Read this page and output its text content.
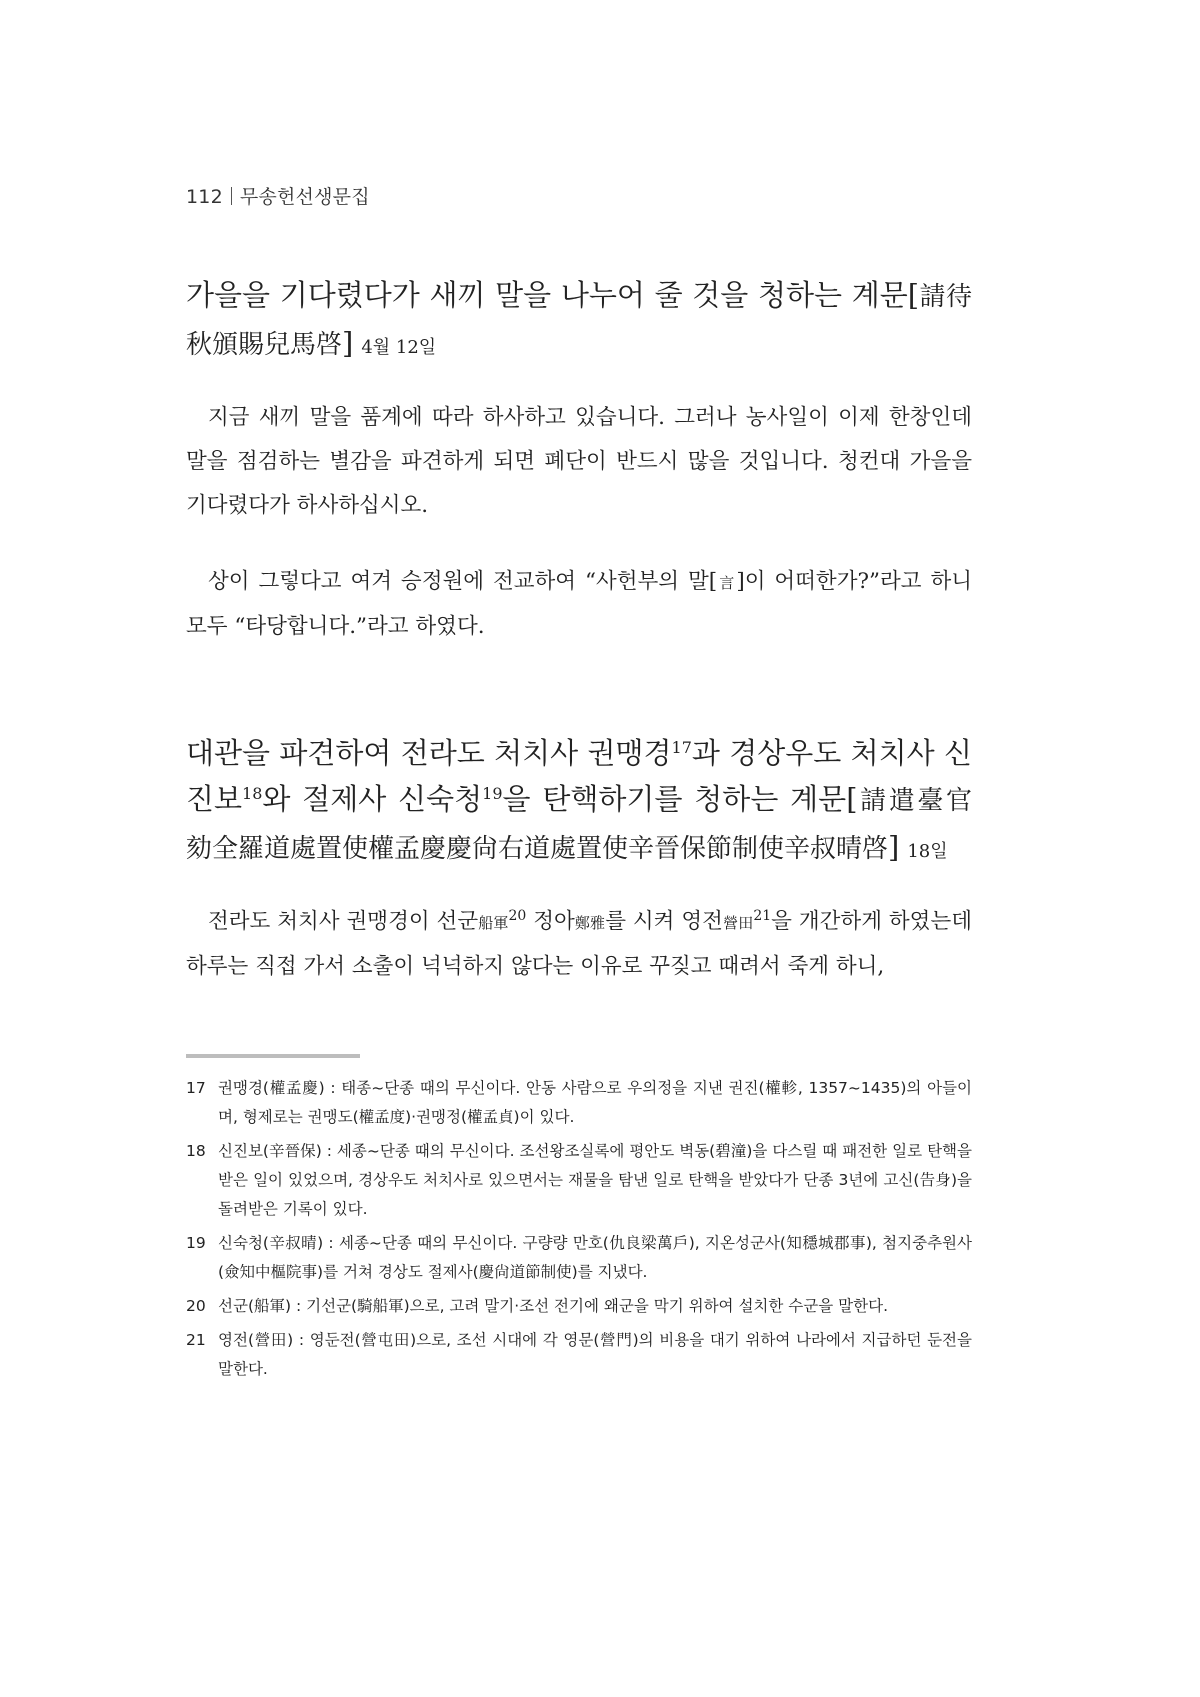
112 무송헌선생문집
가을을 기다렸다가 새끼 말을 나누어 줄 것을 청하는 계문[請待秋頒賜兒馬啓] 4월 12일

지금 새끼 말을 품계에 따라 하사하고 있습니다. 그러나 농사일이 이제 한창인데 말을 점검하는 별감을 파견하게 되면 폐단이 반드시 많을 것입니다. 청컨대 가을을 기다렸다가 하사하십시오.

상이 그렇다고 여겨 승정원에 전교하여 “사헌부의 말[言]이 어떠한가?”라고 하니 모두 “타당합니다.”라고 하였다.

대관을 파견하여 전라도 처치사 권맹경$^{17}$과 경상우도 처치사 신진보$^{18}$와 절제사 신숙청$^{19}$을 탄핵하기를 청하는 계문[請遣臺官 劾全羅道處置使權孟慶慶尙右道處置使辛晉保節制使辛叔晴啓] 18일

전라도 처치사 권맹경이 선군船軍$^{20}$ 정아鄭雅를 시켜 영전營田$^{21}$을 개간하게 하였는데 하루는 직접 가서 소출이 넉넉하지 않다는 이유로 꾸짖고 때려서 죽게 하니,

17 권맹경(權孟慶) : 태종~단종 때의 무신이다. 안동 사람으로 우의정을 지낸 권진(權軫, 1357~1435)의 아들이며, 형제로는 권맹도(權孟度)·권맹정(權孟貞)이 있다.

18 신진보(辛晉保) : 세종~단종 때의 무신이다. 조선왕조실록에 평안도 벽동(碧潼)을 다스릴 때 패전한 일로 탄핵을 받은 일이 있었으며, 경상우도 처치사로 있으면서는 재물을 탐낸 일로 탄핵을 받았다가 단종 3년에 고신(告身)을 돌려받은 기록이 있다.

19 신숙청(辛叔晴) : 세종~단종 때의 무신이다. 구량량 만호(仇良梁萬戶), 지온성군사(知穩城郡事), 첨지중추원사(僉知中樞院事)를 거쳐 경상도 절제사(慶尙道節制使)를 지냈다.

20 선군(船軍) : 기선군(騎船軍)으로, 고려 말기·조선 전기에 왜군을 막기 위하여 설치한 수군을 말한다.

21 영전(營田) : 영둔전(營屯田)으로, 조선 시대에 각 영문(營門)의 비용을 대기 위하여 나라에서 지급하던 둔전을 말한다.
